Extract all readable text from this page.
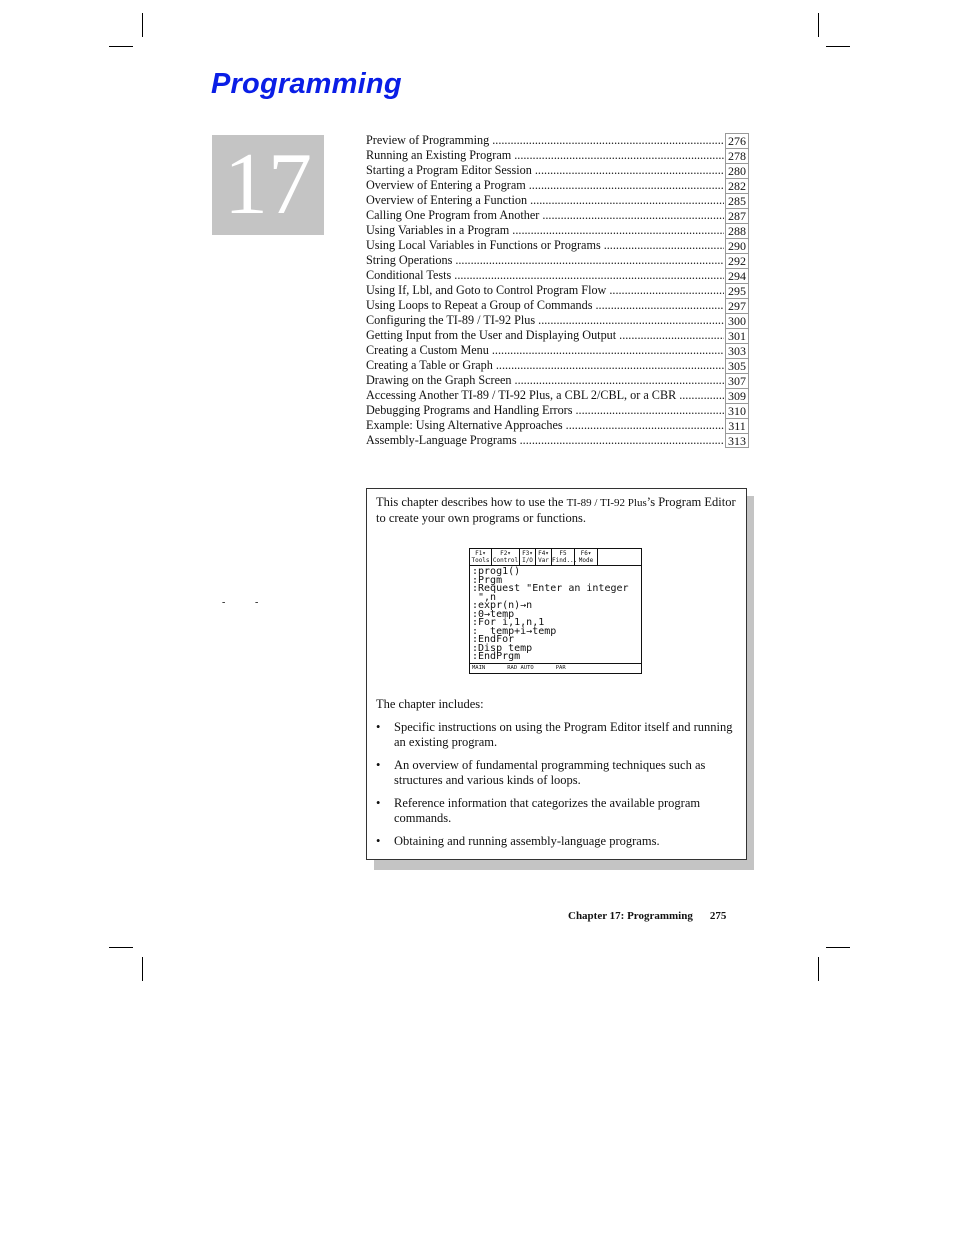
Programming
17	Preview of Programming .....	276
Running an Existing Program .....	278
Starting a Program Editor Session .....	280
Overview of Entering a Program .....	282
Overview of Entering a Function .....	285
Calling One Program from Another .....	287
Using Variables in a Program .....	288
Using Local Variables in Functions or Programs .....	290
String Operations .....	292
Conditional Tests .....	294
Using If, Lbl, and Goto to Control Program Flow .....	295
Using Loops to Repeat a Group of Commands .....	297
Configuring the TI-89 / TI-92 Plus .....	300
Getting Input from the User and Displaying Output .....	301
Creating a Custom Menu .....	303
Creating a Table or Graph .....	305
Drawing on the Graph Screen .....	307
Accessing Another TI-89 / TI-92 Plus, a CBL 2/CBL, or a CBR .....	309
Debugging Programs and Handling Errors .....	310
Example: Using Alternative Approaches .....	311
Assembly-Language Programs .....	313

This chapter describes how to use the TI-89 / TI-92 Plus’s Program Editor to create your own programs or functions.

F1▾
Tools
F2▾
Control
F3▾
I/O
F4▾
Var
F5
Find...
F6▾
Mode
:prog1()
:Prgm
:Request "Enter an integer
",n
:expr(n)→n
:0→temp
:For i,1,n,1
:  temp+i→temp
:EndFor
:Disp temp
:EndPrgm
MAIN	RAD AUTO	PAR

The chapter includes:

• Specific instructions on using the Program Editor itself and running an existing program.
• An overview of fundamental programming techniques such as structures and various kinds of loops.
• Reference information that categorizes the available program commands.
• Obtaining and running assembly-language programs.
-	-
Chapter 17: Programming 275
